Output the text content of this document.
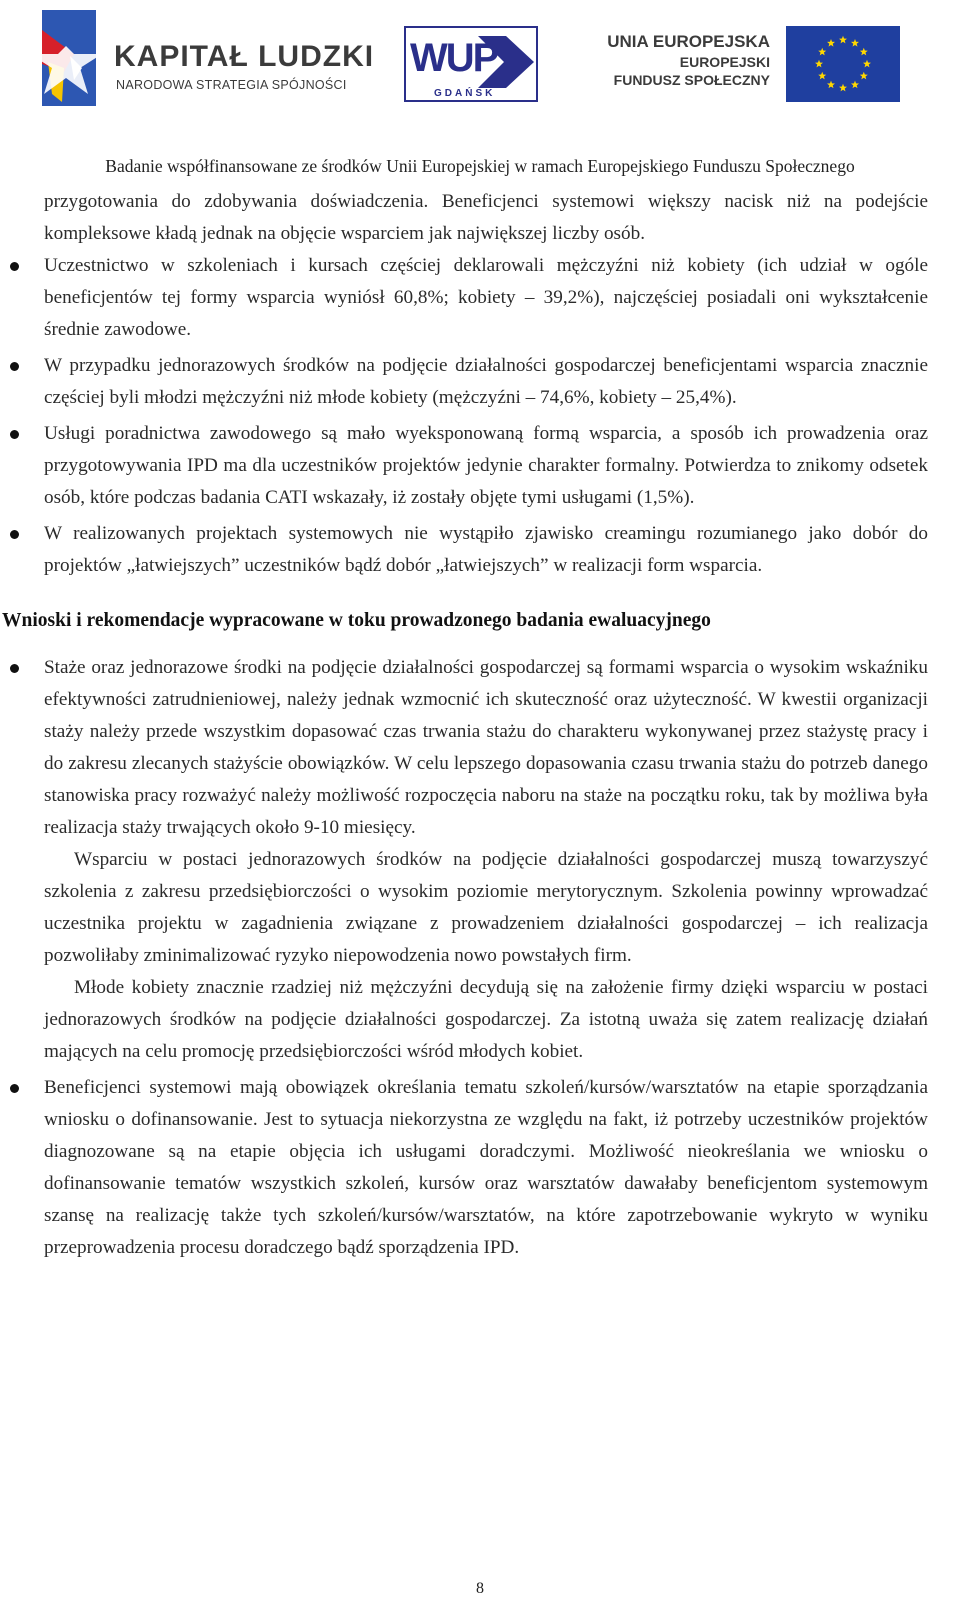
KAPITAŁ LUDZKI
NARODOWA STRATEGIA SPÓJNOŚCI
WUP
GDAŃSK
UNIA EUROPEJSKA
EUROPEJSKI
FUNDUSZ SPOŁECZNY
Badanie współfinansowane ze środków Unii Europejskiej w ramach Europejskiego Funduszu Społecznego

przygotowania do zdobywania doświadczenia. Beneficjenci systemowi większy nacisk niż na podejście kompleksowe kładą jednak na objęcie wsparciem jak największej liczby osób.

Uczestnictwo w szkoleniach i kursach częściej deklarowali mężczyźni niż kobiety (ich udział w ogóle beneficjentów tej formy wsparcia wyniósł 60,8%; kobiety – 39,2%), najczęściej posiadali oni wykształcenie średnie zawodowe.
W przypadku jednorazowych środków na podjęcie działalności gospodarczej beneficjentami wsparcia znacznie częściej byli młodzi mężczyźni niż młode kobiety (mężczyźni – 74,6%, kobiety – 25,4%).
Usługi poradnictwa zawodowego są mało wyeksponowaną formą wsparcia, a sposób ich prowadzenia oraz przygotowywania IPD ma dla uczestników projektów jedynie charakter formalny. Potwierdza to znikomy odsetek osób, które podczas badania CATI wskazały, iż zostały objęte tymi usługami (1,5%).
W realizowanych projektach systemowych nie wystąpiło zjawisko creamingu rozumianego jako dobór do projektów „łatwiejszych” uczestników bądź dobór „łatwiejszych” w realizacji form wsparcia.
Wnioski i rekomendacje wypracowane w toku prowadzonego badania ewaluacyjnego
Staże oraz jednorazowe środki na podjęcie działalności gospodarczej są formami wsparcia o wysokim wskaźniku efektywności zatrudnieniowej, należy jednak wzmocnić ich skuteczność oraz użyteczność. W kwestii organizacji staży należy przede wszystkim dopasować czas trwania stażu do charakteru wykonywanej przez stażystę pracy i do zakresu zlecanych stażyście obowiązków. W celu lepszego dopasowania czasu trwania stażu do potrzeb danego stanowiska pracy rozważyć należy możliwość rozpoczęcia naboru na staże na początku roku, tak by możliwa była realizacja staży trwających około 9-10 miesięcy.

Wsparciu w postaci jednorazowych środków na podjęcie działalności gospodarczej muszą towarzyszyć szkolenia z zakresu przedsiębiorczości o wysokim poziomie merytorycznym. Szkolenia powinny wprowadzać uczestnika projektu w zagadnienia związane z prowadzeniem działalności gospodarczej – ich realizacja pozwoliłaby zminimalizować ryzyko niepowodzenia nowo powstałych firm.

Młode kobiety znacznie rzadziej niż mężczyźni decydują się na założenie firmy dzięki wsparciu w postaci jednorazowych środków na podjęcie działalności gospodarczej. Za istotną uważa się zatem realizację działań mających na celu promocję przedsiębiorczości wśród młodych kobiet.

Beneficjenci systemowi mają obowiązek określania tematu szkoleń/kursów/warsztatów na etapie sporządzania wniosku o dofinansowanie. Jest to sytuacja niekorzystna ze względu na fakt, iż potrzeby uczestników projektów diagnozowane są na etapie objęcia ich usługami doradczymi. Możliwość nieokreślania we wniosku o dofinansowanie tematów wszystkich szkoleń, kursów oraz warsztatów dawałaby beneficjentom systemowym szansę na realizację także tych szkoleń/kursów/warsztatów, na które zapotrzebowanie wykryto w wyniku przeprowadzenia procesu doradczego bądź sporządzenia IPD.
8
